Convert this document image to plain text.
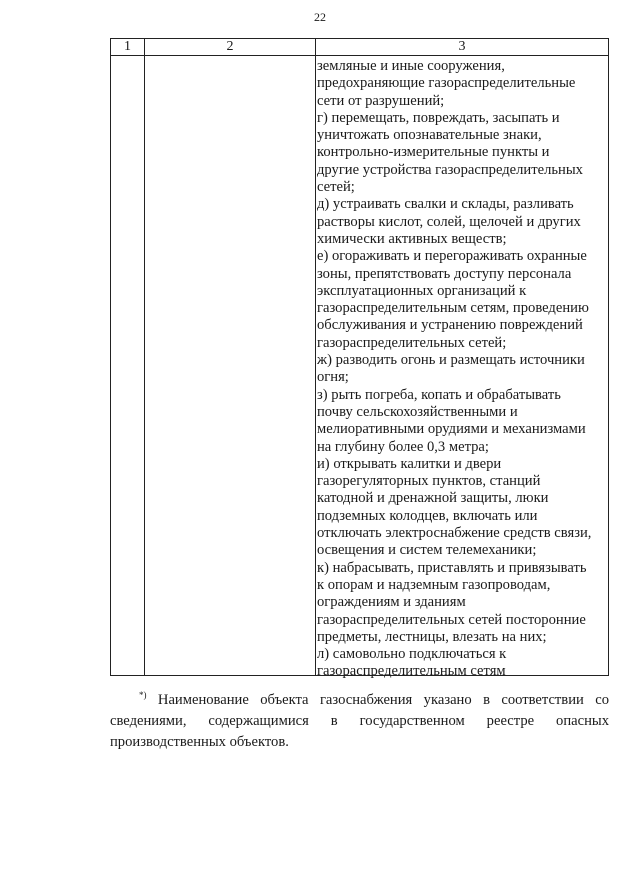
22
1	2	3
земляные и иные сооружения,
предохраняющие газораспределительные
сети от разрушений;
г) перемещать, повреждать, засыпать и
уничтожать опознавательные знаки,
контрольно-измерительные пункты и
другие устройства газораспределительных
сетей;
д) устраивать свалки и склады, разливать
растворы кислот, солей, щелочей и других
химически активных веществ;
е) огораживать и перегораживать охранные
зоны, препятствовать доступу персонала
эксплуатационных организаций к
газораспределительным сетям, проведению
обслуживания и устранению повреждений
газораспределительных сетей;
ж) разводить огонь и размещать источники
огня;
з) рыть погреба, копать и обрабатывать
почву сельскохозяйственными и
мелиоративными орудиями и механизмами
на глубину более 0,3 метра;
и) открывать калитки и двери
газорегуляторных пунктов, станций
катодной и дренажной защиты, люки
подземных колодцев, включать или
отключать электроснабжение средств связи,
освещения и систем телемеханики;
к) набрасывать, приставлять и привязывать
к опорам и надземным газопроводам,
ограждениям и зданиям
газораспределительных сетей посторонние
предметы, лестницы, влезать на них;
л) самовольно подключаться к
газораспределительным сетям
*) Наименование объекта газоснабжения указано в соответствии со
сведениями, содержащимися в государственном реестре опасных
производственных объектов.
